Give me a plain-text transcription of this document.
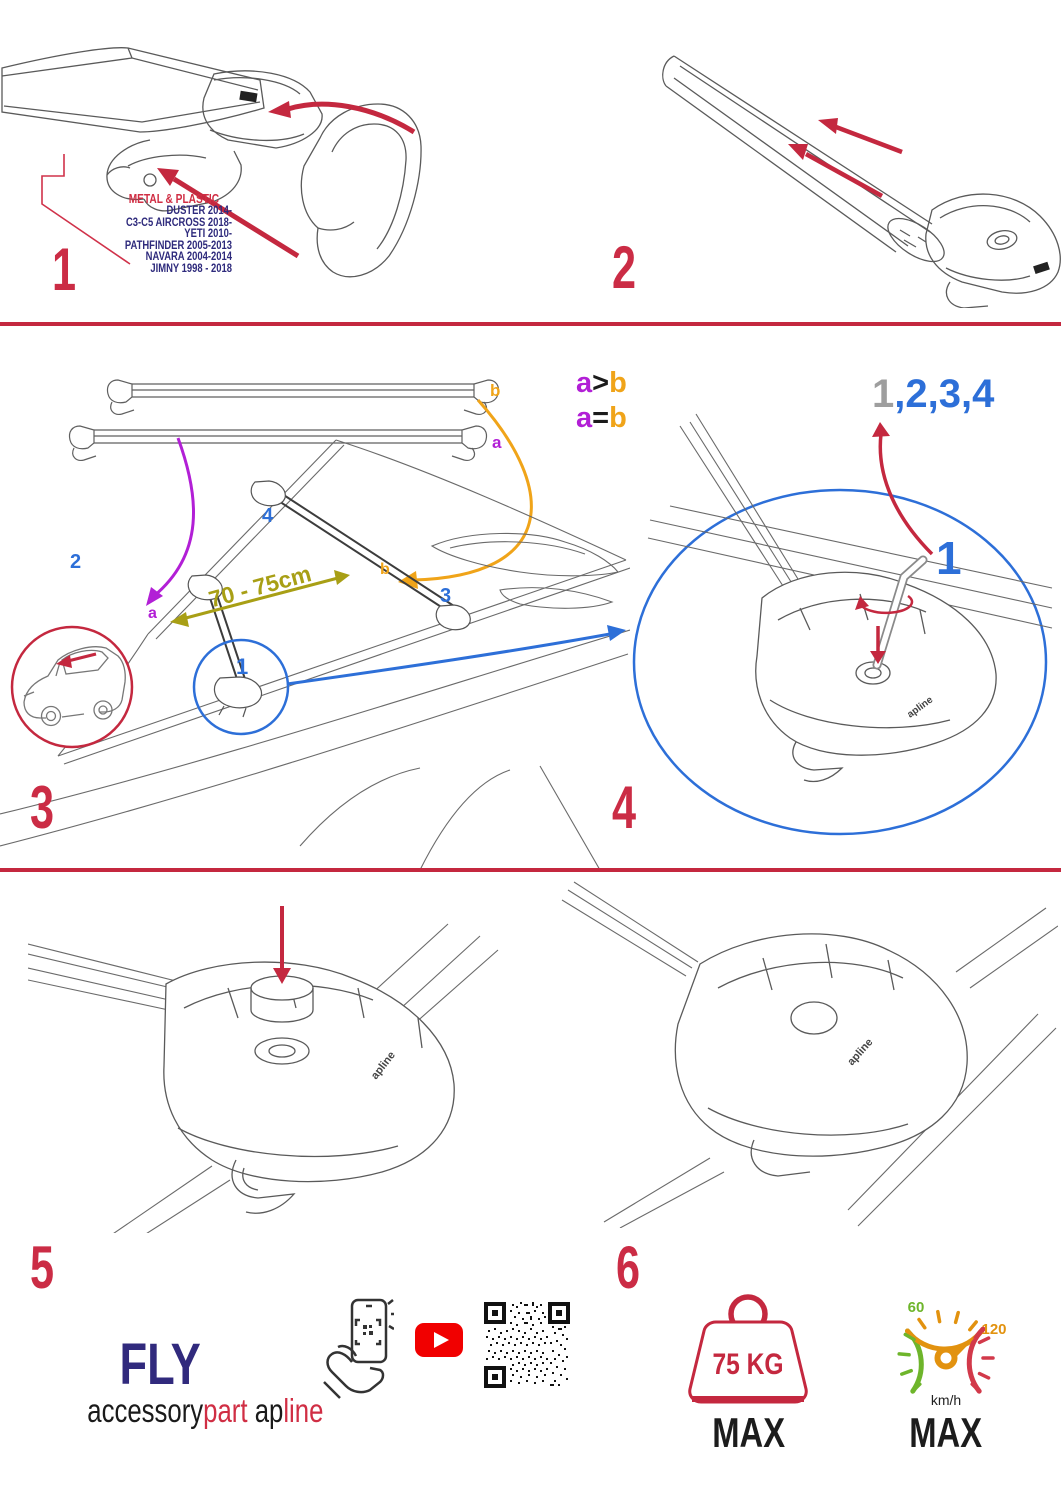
METAL & PLASTIC
DUSTER 2014-
C3-C5 AIRCROSS 2018-
YETI 2010-
PATHFINDER 2005-2013
NAVARA 2004-2014
JIMNY 1998 - 2018
1	2
b
a
2
4
3
1
a
b
70 - 75cm
a>b
a=b
3
1
apline
1,2,3,4
4
apline
5
apline
6
FLY
accessorypart apline
75 KG
MAX
60
120
km/h
MAX
